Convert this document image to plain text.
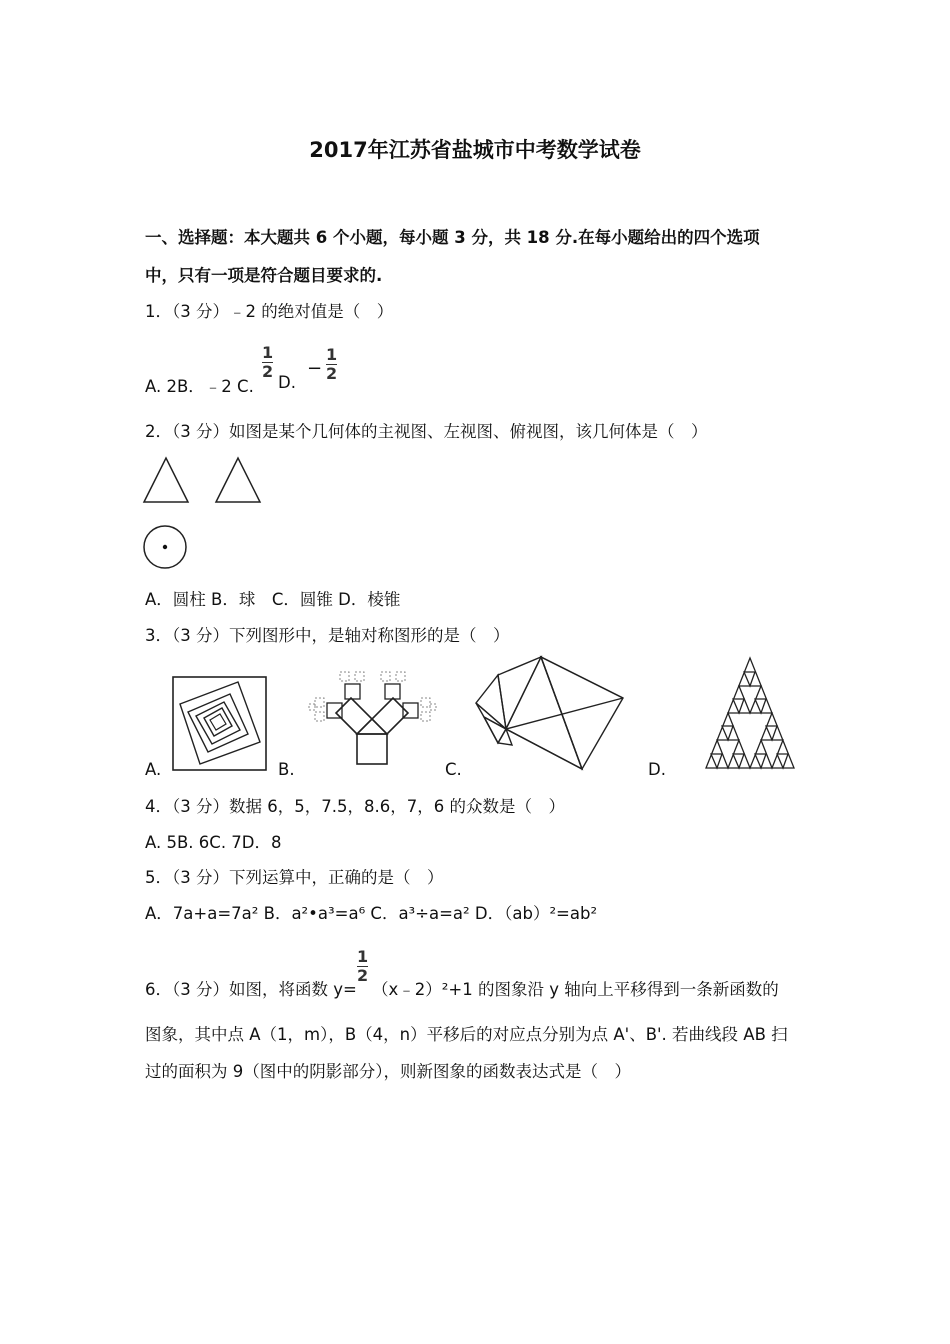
2017年江苏省盐城市中考数学试卷
一、选择题：本大题共 6 个小题，每小题 3 分，共 18 分.在每小题给出的四个选项
中，只有一项是符合题目要求的.
1．（3 分）﹣2 的绝对值是（　）
A. 2B．﹣2 C.
1
2
D.
−
1
2
2．（3 分）如图是某个几何体的主视图、左视图、俯视图，该几何体是（　）
A．圆柱 B．球　C．圆锥 D．棱锥
3．（3 分）下列图形中，是轴对称图形的是（　）
A.	B.	C.	D.
4．（3 分）数据 6，5，7.5，8.6，7，6 的众数是（　）
A. 5B. 6C. 7D．8
5．（3 分）下列运算中，正确的是（　）
A．7a+a=7a² B．a²•a³=a⁶ C．a³÷a=a² D．（ab）²=ab²
6．（3 分）如图，将函数 y=
1
2
（x﹣2）²+1 的图象沿 y 轴向上平移得到一条新函数的
图象，其中点 A（1，m），B（4，n）平移后的对应点分别为点 A'、B'. 若曲线段 AB 扫
过的面积为 9（图中的阴影部分），则新图象的函数表达式是（　）
